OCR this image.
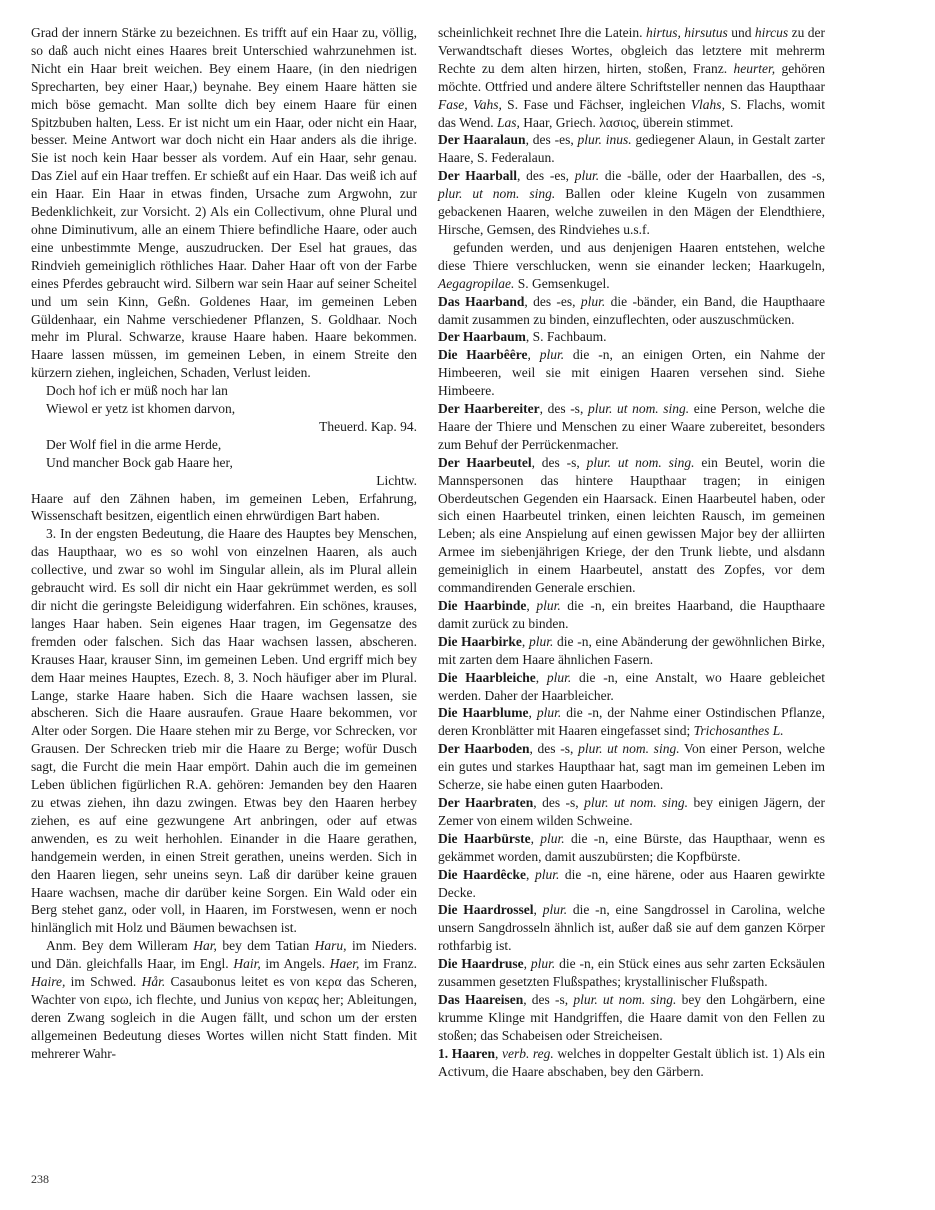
Grad der innern Stärke zu bezeichnen. Es trifft auf ein Haar zu, völlig, so daß auch nicht eines Haares breit Unterschied wahrzunehmen ist. Nicht ein Haar breit weichen. Bey einem Haare, (in den niedrigen Sprecharten, bey einer Haar,) beynahe. Bey einem Haare hätten sie mich böse gemacht. Man sollte dich bey einem Haare für einen Spitzbuben halten, Less. Er ist nicht um ein Haar, oder nicht ein Haar, besser. Meine Antwort war doch nicht ein Haar anders als die ihrige. Sie ist noch kein Haar besser als vordem. Auf ein Haar, sehr genau. Das Ziel auf ein Haar treffen. Er schießt auf ein Haar. Das weiß ich auf ein Haar. Ein Haar in etwas finden, Ursache zum Argwohn, zur Bedenklichkeit, zur Vorsicht. 2) Als ein Collectivum, ohne Plural und ohne Diminutivum, alle an einem Thiere befindliche Haare, oder auch eine unbestimmte Menge, auszudrucken. Der Esel hat graues, das Rindvieh gemeiniglich röthliches Haar. Daher Haar oft von der Farbe eines Pferdes gebraucht wird. Silbern war sein Haar auf seiner Scheitel und um sein Kinn, Geßn. Goldenes Haar, im gemeinen Leben Güldenhaar, ein Nahme verschiedener Pflanzen, S. Goldhaar. Noch mehr im Plural. Schwarze, krause Haare haben. Haare bekommen. Haare lassen müssen, im gemeinen Leben, in einem Streite den kürzern ziehen, ingleichen, Schaden, Verlust leiden.

Doch hof ich er müß noch har lan

Wiewol er yetz ist khomen darvon,

Theuerd. Kap. 94.

Der Wolf fiel in die arme Herde,

Und mancher Bock gab Haare her,

Lichtw.

Haare auf den Zähnen haben, im gemeinen Leben, Erfahrung, Wissenschaft besitzen, eigentlich einen ehrwürdigen Bart haben.

3. In der engsten Bedeutung, die Haare des Hauptes bey Menschen, das Haupthaar, wo es so wohl von einzelnen Haaren, als auch collective, und zwar so wohl im Singular allein, als im Plural allein gebraucht wird. Es soll dir nicht ein Haar gekrümmet werden, es soll dir nicht die geringste Beleidigung widerfahren. Ein schönes, krauses, langes Haar haben. Sein eigenes Haar tragen, im Gegensatze des fremden oder falschen. Sich das Haar wachsen lassen, abscheren. Krauses Haar, krauser Sinn, im gemeinen Leben. Und ergriff mich bey dem Haar meines Hauptes, Ezech. 8, 3. Noch häufiger aber im Plural. Lange, starke Haare haben. Sich die Haare wachsen lassen, sie abscheren. Sich die Haare ausraufen. Graue Haare bekommen, vor Alter oder Sorgen. Die Haare stehen mir zu Berge, vor Schrecken, vor Grausen. Der Schrecken trieb mir die Haare zu Berge; wofür Dusch sagt, die Furcht die mein Haar empört. Dahin auch die im gemeinen Leben üblichen figürlichen R.A. gehören: Jemanden bey den Haaren zu etwas ziehen, ihn dazu zwingen. Etwas bey den Haaren herbey ziehen, es auf eine gezwungene Art anbringen, oder auf etwas anwenden, es zu weit herhohlen. Einander in die Haare gerathen, handgemein werden, in einen Streit gerathen, uneins werden. Sich in den Haaren liegen, sehr uneins seyn. Laß dir darüber keine grauen Haare wachsen, mache dir darüber keine Sorgen. Ein Wald oder ein Berg stehet ganz, oder voll, in Haaren, im Forstwesen, wenn er noch hinlänglich mit Holz und Bäumen bewachsen ist.

Anm. Bey dem Willeram Har, bey dem Tatian Haru, im Nieders. und Dän. gleichfalls Haar, im Engl. Hair, im Angels. Haer, im Franz. Haire, im Schwed. Hår. Casaubonus leitet es von κερα das Scheren, Wachter von ειρω, ich flechte, und Junius von κερας her; Ableitungen, deren Zwang sogleich in die Augen fällt, und schon um der ersten allgemeinen Bedeutung dieses Wortes willen nicht Statt finden. Mit mehrerer Wahr-

scheinlichkeit rechnet Ihre die Latein. hirtus, hirsutus und hircus zu der Verwandtschaft dieses Wortes, obgleich das letztere mit mehrerm Rechte zu dem alten hirzen, hirten, stoßen, Franz. heurter, gehören möchte. Ottfried und andere ältere Schriftsteller nennen das Haupthaar Fase, Vahs, S. Fase und Fächser, ingleichen Vlahs, S. Flachs, womit das Wend. Las, Haar, Griech. λασιος, überein stimmet.

Der Haaralaun, des -es, plur. inus. gediegener Alaun, in Gestalt zarter Haare, S. Federalaun.

Der Haarball, des -es, plur. die -bälle, oder der Haarballen, des -s, plur. ut nom. sing. Ballen oder kleine Kugeln von zusammen gebackenen Haaren, welche zuweilen in den Mägen der Elendthiere, Hirsche, Gemsen, des Rindviehes u.s.f.

gefunden werden, und aus denjenigen Haaren entstehen, welche diese Thiere verschlucken, wenn sie einander lecken; Haarkugeln, Aegagropilae. S. Gemsenkugel.

Das Haarband, des -es, plur. die -bänder, ein Band, die Haupthaare damit zusammen zu binden, einzuflechten, oder auszuschmücken.

Der Haarbaum, S. Fachbaum.

Die Haarbêêre, plur. die -n, an einigen Orten, ein Nahme der Himbeeren, weil sie mit einigen Haaren versehen sind. Siehe Himbeere.

Der Haarbereiter, des -s, plur. ut nom. sing. eine Person, welche die Haare der Thiere und Menschen zu einer Waare zubereitet, besonders zum Behuf der Perrückenmacher.

Der Haarbeutel, des -s, plur. ut nom. sing. ein Beutel, worin die Mannspersonen das hintere Haupthaar tragen; in einigen Oberdeutschen Gegenden ein Haarsack. Einen Haarbeutel haben, oder sich einen Haarbeutel trinken, einen leichten Rausch, im gemeinen Leben; als eine Anspielung auf einen gewissen Major bey der alliirten Armee im siebenjährigen Kriege, der den Trunk liebte, und alsdann gemeiniglich in einem Haarbeutel, anstatt des Zopfes, vor dem commandirenden Generale erschien.

Die Haarbinde, plur. die -n, ein breites Haarband, die Haupthaare damit zurück zu binden.

Die Haarbirke, plur. die -n, eine Abänderung der gewöhnlichen Birke, mit zarten dem Haare ähnlichen Fasern.

Die Haarbleiche, plur. die -n, eine Anstalt, wo Haare gebleichet werden. Daher der Haarbleicher.

Die Haarblume, plur. die -n, der Nahme einer Ostindischen Pflanze, deren Kronblätter mit Haaren eingefasset sind; Trichosanthes L.

Der Haarboden, des -s, plur. ut nom. sing. Von einer Person, welche ein gutes und starkes Haupthaar hat, sagt man im gemeinen Leben im Scherze, sie habe einen guten Haarboden.

Der Haarbraten, des -s, plur. ut nom. sing. bey einigen Jägern, der Zemer von einem wilden Schweine.

Die Haarbürste, plur. die -n, eine Bürste, das Haupthaar, wenn es gekämmet worden, damit auszubürsten; die Kopfbürste.

Die Haardêcke, plur. die -n, eine härene, oder aus Haaren gewirkte Decke.

Die Haardrossel, plur. die -n, eine Sangdrossel in Carolina, welche unsern Sangdrosseln ähnlich ist, außer daß sie auf dem ganzen Körper rothfarbig ist.

Die Haardruse, plur. die -n, ein Stück eines aus sehr zarten Ecksäulen zusammen gesetzten Flußspathes; krystallinischer Flußspath.

Das Haareisen, des -s, plur. ut nom. sing. bey den Lohgärbern, eine krumme Klinge mit Handgriffen, die Haare damit von den Fellen zu stoßen; das Schabeisen oder Streicheisen.

1. Haaren, verb. reg. welches in doppelter Gestalt üblich ist. 1) Als ein Activum, die Haare abschaben, bey den Gärbern.

238
